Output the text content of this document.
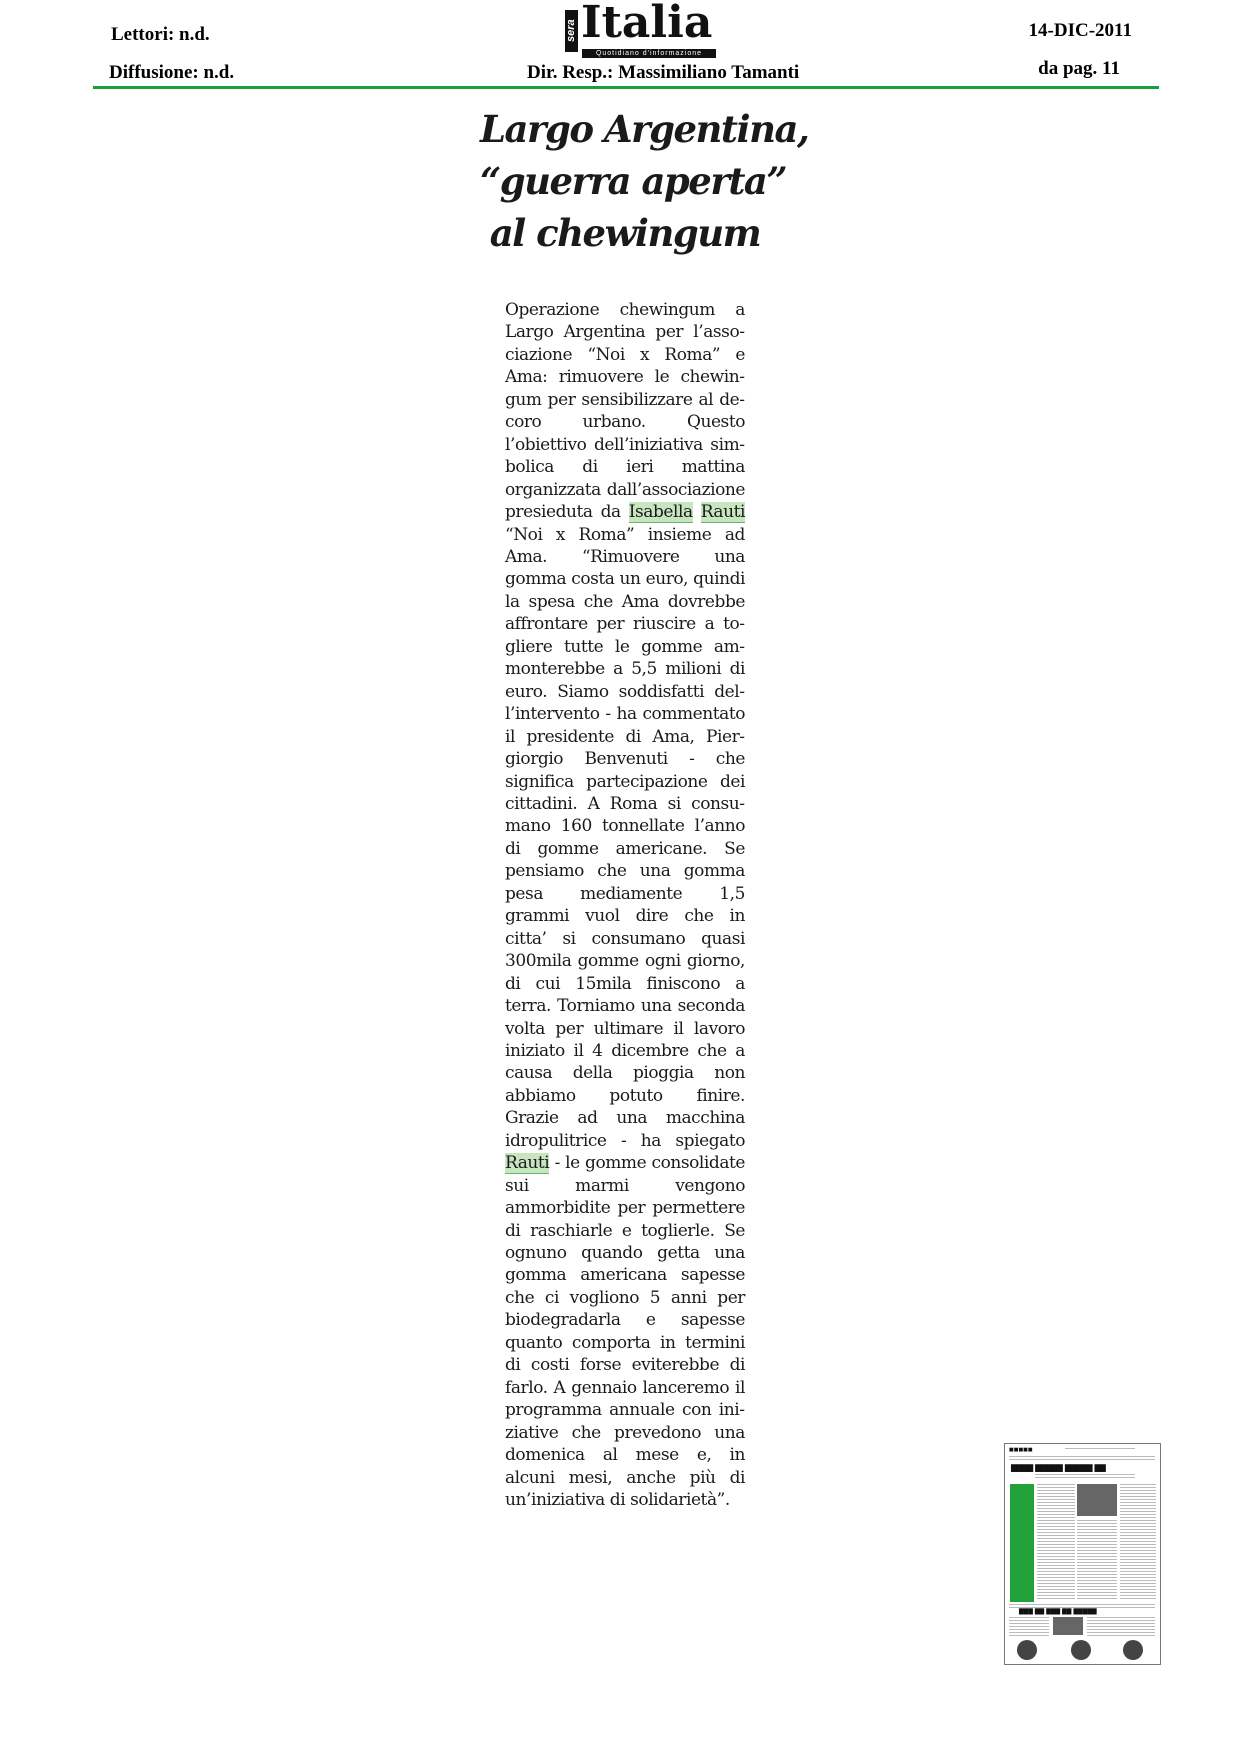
Lettori: n.d.
Diffusione: n.d.	Dir. Resp.: Massimiliano Tamanti
14-DIC-2011
da pag. 11
sera Italia
Quotidiano d'informazione
Largo Argentina,
“guerra aperta”
al chewingum
Operazione chewingum a Largo Argentina per l’associazione “Noi x Roma” e Ama: rimuovere le chewingum per sensibilizzare al decoro urbano. Questo l’obiettivo dell’iniziativa simbolica di ieri mattina organizzata dall’associazione presieduta da Isabella Rauti “Noi x Roma” insieme ad Ama. “Rimuovere una gomma costa un euro, quindi la spesa che Ama dovrebbe affrontare per riuscire a togliere tutte le gomme ammonterebbe a 5,5 milioni di euro. Siamo soddisfatti dell’intervento - ha commentato il presidente di Ama, Piergiorgio Benvenuti - che significa partecipazione dei cittadini. A Roma si consumano 160 tonnellate l’anno di gomme americane. Se pensiamo che una gomma pesa mediamente 1,5 grammi vuol dire che in citta’ si consumano quasi 300mila gomme ogni giorno, di cui 15mila finiscono a terra. Torniamo una seconda volta per ultimare il lavoro iniziato il 4 dicembre che a causa della pioggia non abbiamo potuto finire. Grazie ad una macchina idropulitrice - ha spiegato Rauti - le gomme consolidate sui marmi vengono ammorbidite per permettere di raschiarle e toglierle. Se ognuno quando getta una gomma americana sapesse che ci vogliono 5 anni per biodegradarla e sapesse quanto comporta in termini di costi forse eviterebbe di farlo. A gennaio lanceremo il programma annuale con iniziative che prevedono una domenica al mese e, in alcuni mesi, anche più di un’iniziativa di solidarietà”.
■■■■■
▇▇▇▇ ▇▇▇▇▇ ▇▇▇▇▇ ▇▇
▇▇▇ ▇▇ ▇▇▇ ▇▇ ▇▇▇▇▇
